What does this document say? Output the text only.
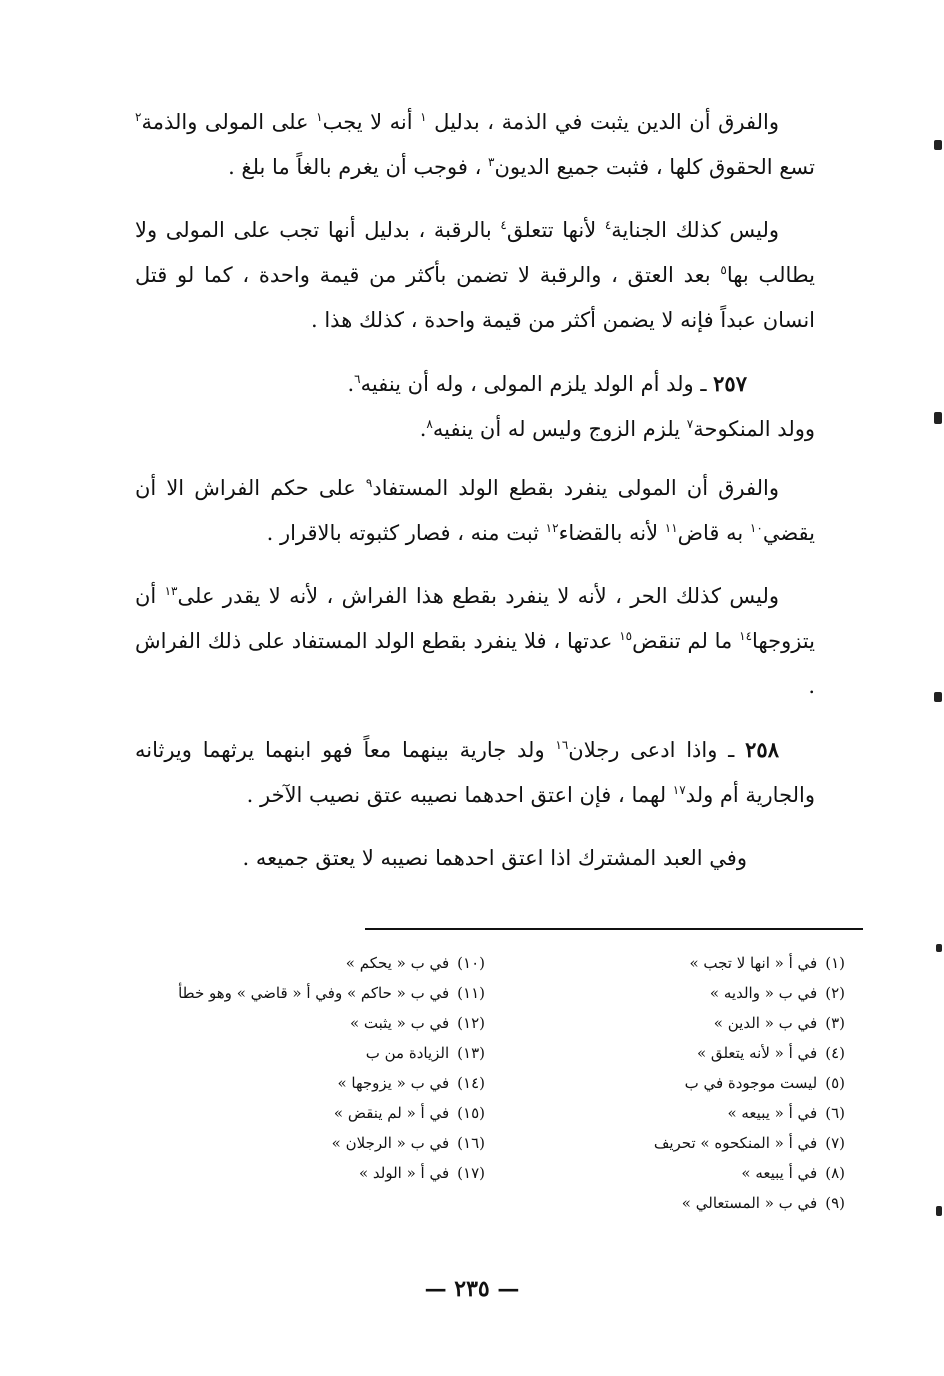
والفرق أن الدين يثبت في الذمة ، بدليل $^١$ أنه لا يجب$^١$ على المولى والذمة$^٢$ تسع الحقوق كلها ، فثبت جميع الديون$^٣$ ، فوجب أن يغرم بالغاً ما بلغ .

وليس كذلك الجناية$^٤$ لأنها تتعلق$^٤$ بالرقبة ، بدليل أنها تجب على المولى ولا يطالب بها$^٥$ بعد العتق ، والرقبة لا تضمن بأكثر من قيمة واحدة ، كما لو قتل انسان عبداً فإنه لا يضمن أكثر من قيمة واحدة ، كذلك هذا .

٢٥٧ ـ ولد أم الولد يلزم المولى ، وله أن ينفيه$^٦$.
وولد المنكوحة$^٧$ يلزم الزوج وليس له أن ينفيه$^٨$.

والفرق أن المولى ينفرد بقطع الولد المستفاد$^٩$ على حكم الفراش الا أن يقضي$^{١٠}$ به قاض$^{١١}$ لأنه بالقضاء$^{١٢}$ ثبت منه ، فصار كثبوته بالاقرار .

وليس كذلك الحر ، لأنه لا ينفرد بقطع هذا الفراش ، لأنه لا يقدر على$^{١٣}$ أن يتزوجها$^{١٤}$ ما لم تنقض$^{١٥}$ عدتها ، فلا ينفرد بقطع الولد المستفاد على ذلك الفراش .

٢٥٨ ـ واذا ادعى رجلان$^{١٦}$ ولد جارية بينهما معاً فهو ابنهما يرثهما ويرثانه والجارية أم ولد$^{١٧}$ لهما ، فإن اعتق احدهما نصيبه عتق نصيب الآخر .

وفي العبد المشترك اذا اعتق احدهما نصيبه لا يعتق جميعه .

(١)
في أ « انها لا تجب »
(٢)
في ب « والديه »
(٣)
في ب « الدين »
(٤)
في أ « لأنه يتعلق »
(٥)
ليست موجودة في ب
(٦)
في أ « يبيعه »
(٧)
في أ « المنكحوه » تحريف
(٨)
في أ يبيعه »
(٩)
في ب « المستعالي »
(١٠)
في ب « يحكم »
(١١)
في ب « حاكم » وفي أ « قاضي » وهو خطأ
(١٢)
في ب « يثبت »
(١٣)
الزيادة من ب
(١٤)
في ب « يزوجها »
(١٥)
في أ « لم ينقض »
(١٦)
في ب « الرجلان »
(١٧)
في أ « الولد »
— ٢٣٥ —
